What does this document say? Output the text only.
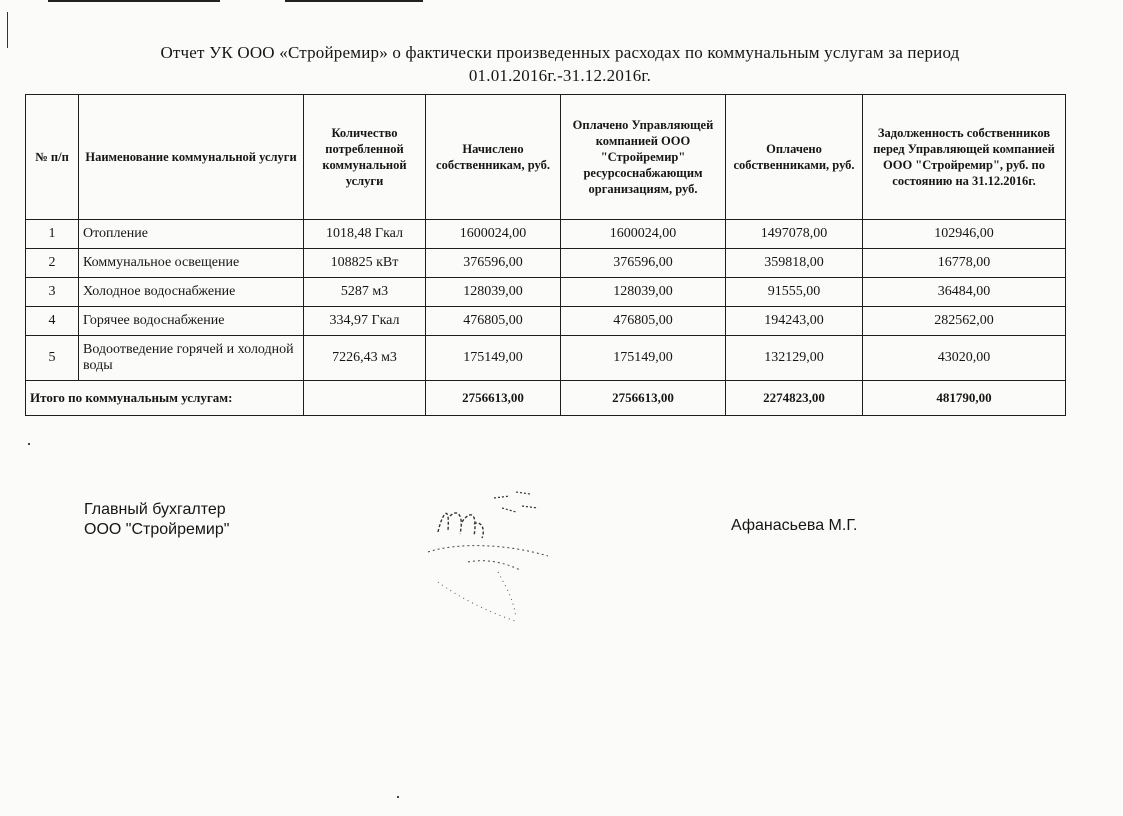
Отчет УК ООО «Стройремир» о фактически произведенных расходах по коммунальным услугам за период
01.01.2016г.-31.12.2016г.
№ п/п	Наименование коммунальной услуги	Количество потребленной коммунальной услуги	Начислено собственникам, руб.	Оплачено Управляющей компанией ООО "Стройремир" ресурсоснабжающим организациям, руб.	Оплачено собственниками, руб.	Задолженность собственников перед Управляющей компанией ООО "Стройремир", руб. по состоянию на 31.12.2016г.
1	Отопление	1018,48 Гкал	1600024,00	1600024,00	1497078,00	102946,00
2	Коммунальное освещение	108825 кВт	376596,00	376596,00	359818,00	16778,00
3	Холодное водоснабжение	5287 м3	128039,00	128039,00	91555,00	36484,00
4	Горячее водоснабжение	334,97 Гкал	476805,00	476805,00	194243,00	282562,00
5	Водоотведение горячей и холодной воды	7226,43 м3	175149,00	175149,00	132129,00	43020,00
Итого по коммунальным услугам:			2756613,00	2756613,00	2274823,00	481790,00
Главный бухгалтер
ООО "Стройремир"	Афанасьева М.Г.
